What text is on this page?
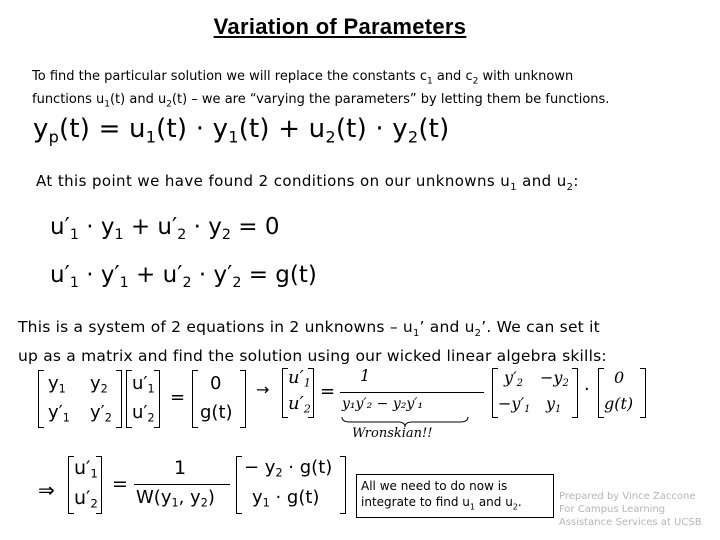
Variation of Parameters
To find the particular solution we will replace the constants $c_1$ and $c_2$ with unknown
functions $u_1(t)$ and $u_2(t)$ – we are “varying the parameters” by letting them be functions.
$y_p(t) = u_1(t) \cdot y_1(t) + u_2(t) \cdot y_2(t)$
At this point we have found 2 conditions on our unknowns $u_1$ and $u_2$:
$u'_1 \cdot y_1 + u'_2 \cdot y_2 = 0$
$u'_1 \cdot y'_1 + u'_2 \cdot y'_2 = g(t)$
This is a system of 2 equations in 2 unknowns – $u_1$’ and $u_2$’. We can set it
up as a matrix and find the solution using our wicked linear algebra skills:
$y_1$ $y_2$
$y'_1$ $y'_2$
$u'_1$
$u'_2$
=
0
g(t)
→
$u'_1$
$u'_2$
=
1
y₁y′₂ − y₂y′₁
Wronskian!!
$y'_2 -y_2$
$-y'_1$ $y_1$
·
0
g(t)
⇒
$u'_1$
$u'_2$
=
1
$W(y_1$, $y_2$)
− $y_2 \cdot g(t)$
$y_1 \cdot g(t)$
All we need to do now is
integrate to find $u_1$ and $u_2$.	Prepared by Vince Zaccone
For Campus Learning
Assistance Services at UCSB
